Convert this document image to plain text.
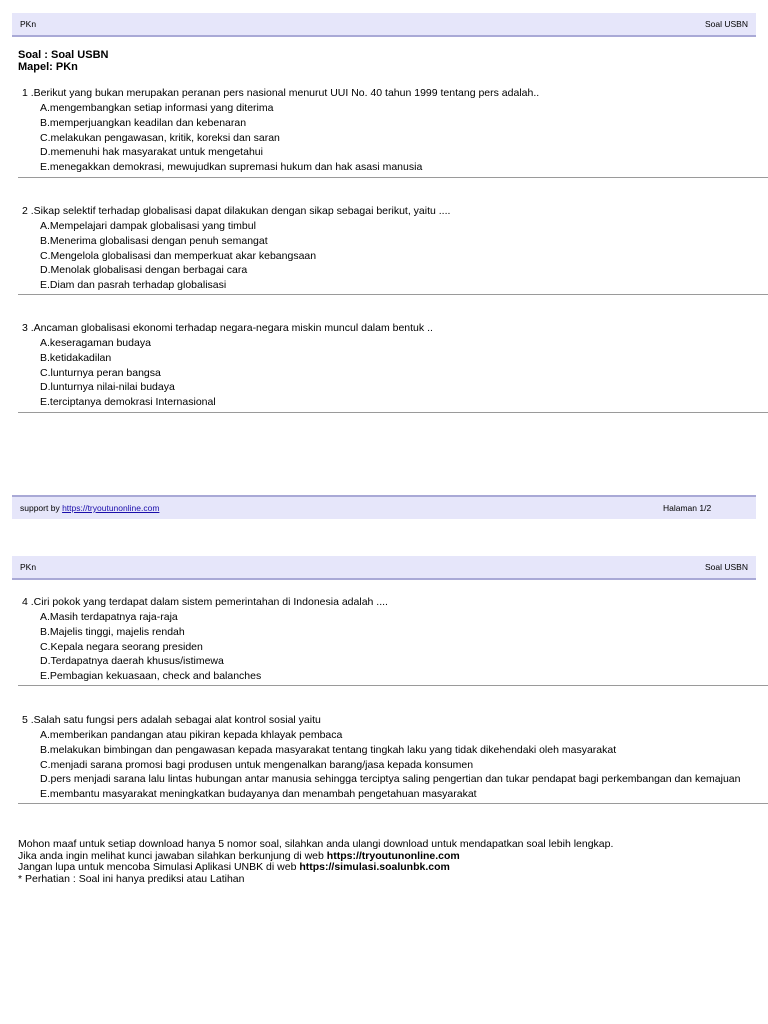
PKn	Soal USBN
Soal : Soal USBN
Mapel: PKn
1 .Berikut yang bukan merupakan peranan pers nasional menurut UUI No. 40 tahun 1999 tentang pers adalah..
A.mengembangkan setiap informasi yang diterima
B.memperjuangkan keadilan dan kebenaran
C.melakukan pengawasan, kritik, koreksi dan saran
D.memenuhi hak masyarakat untuk mengetahui
E.menegakkan demokrasi, mewujudkan supremasi hukum dan hak asasi manusia
2 .Sikap selektif terhadap globalisasi dapat dilakukan dengan sikap sebagai berikut, yaitu ....
A.Mempelajari dampak globalisasi yang timbul
B.Menerima globalisasi dengan penuh semangat
C.Mengelola globalisasi dan memperkuat akar kebangsaan
D.Menolak globalisasi dengan berbagai cara
E.Diam dan pasrah terhadap globalisasi
3 .Ancaman globalisasi ekonomi terhadap negara-negara miskin muncul dalam bentuk ..
A.keseragaman budaya
B.ketidakadilan
C.lunturnya peran bangsa
D.lunturnya nilai-nilai budaya
E.terciptanya demokrasi Internasional
support by https://tryoutunonline.com	Halaman 1/2
PKn	Soal USBN
4 .Ciri pokok yang terdapat dalam sistem pemerintahan di Indonesia adalah ....
A.Masih terdapatnya raja-raja
B.Majelis tinggi, majelis rendah
C.Kepala negara seorang presiden
D.Terdapatnya daerah khusus/istimewa
E.Pembagian kekuasaan, check and balanches
5 .Salah satu fungsi pers adalah sebagai alat kontrol sosial yaitu
A.memberikan pandangan atau pikiran kepada khlayak pembaca
B.melakukan bimbingan dan pengawasan kepada masyarakat tentang tingkah laku yang tidak dikehendaki oleh masyarakat
C.menjadi sarana promosi bagi produsen untuk mengenalkan barang/jasa kepada konsumen
D.pers menjadi sarana lalu lintas hubungan antar manusia sehingga terciptya saling pengertian dan tukar pendapat bagi perkembangan dan kemajuan
E.membantu masyarakat meningkatkan budayanya dan menambah pengetahuan masyarakat
Mohon maaf untuk setiap download hanya 5 nomor soal, silahkan anda ulangi download untuk mendapatkan soal lebih lengkap.
Jika anda ingin melihat kunci jawaban silahkan berkunjung di web https://tryoutunonline.com
Jangan lupa untuk mencoba Simulasi Aplikasi UNBK di web https://simulasi.soalunbk.com
* Perhatian : Soal ini hanya prediksi atau Latihan
